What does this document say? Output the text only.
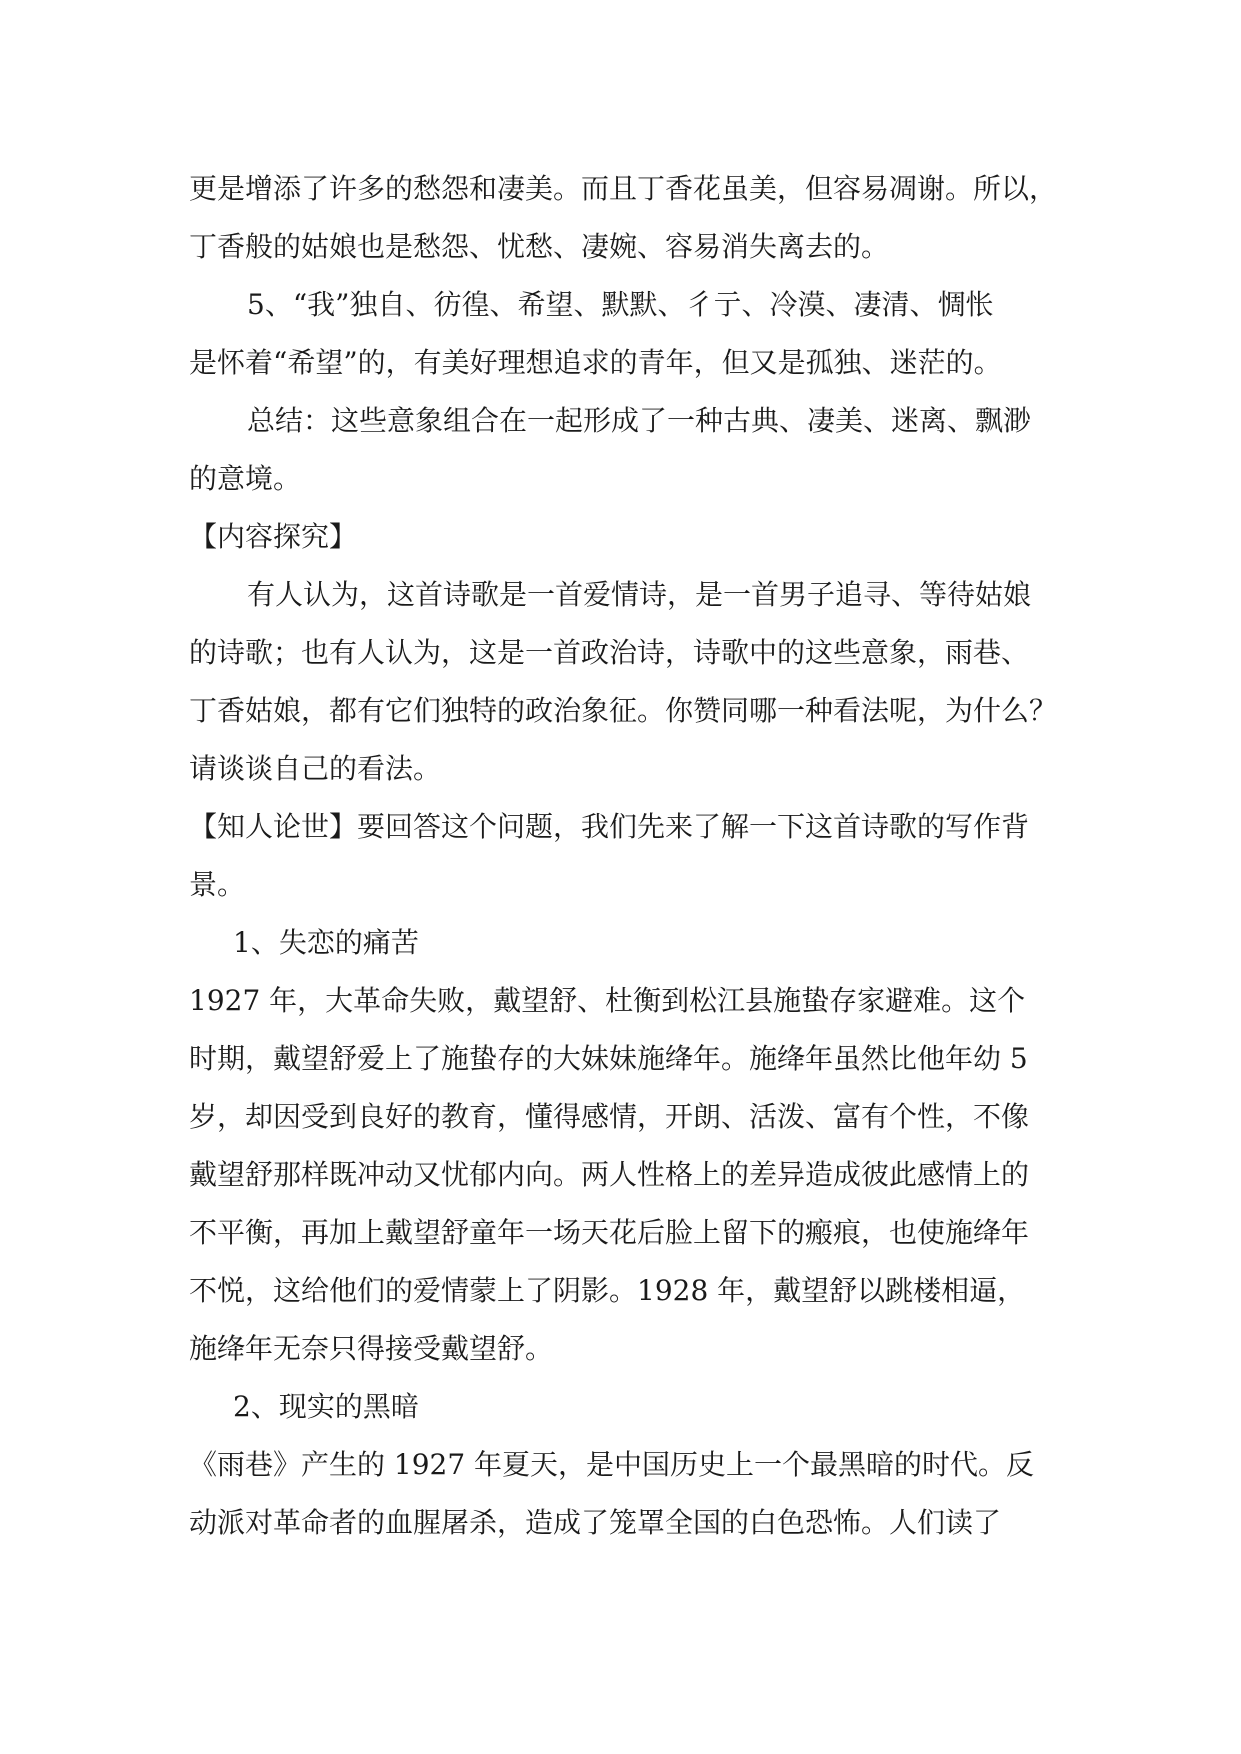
更是增添了许多的愁怨和凄美。而且丁香花虽美，但容易凋谢。所以，
丁香般的姑娘也是愁怨、忧愁、凄婉、容易消失离去的。
5、“我”独自、彷徨、希望、默默、彳亍、冷漠、凄清、惆怅
是怀着“希望”的，有美好理想追求的青年，但又是孤独、迷茫的。
总结：这些意象组合在一起形成了一种古典、凄美、迷离、飘渺
的意境。
【内容探究】
有人认为，这首诗歌是一首爱情诗，是一首男子追寻、等待姑娘
的诗歌；也有人认为，这是一首政治诗，诗歌中的这些意象，雨巷、
丁香姑娘，都有它们独特的政治象征。你赞同哪一种看法呢，为什么？
请谈谈自己的看法。
【知人论世】要回答这个问题，我们先来了解一下这首诗歌的写作背
景。
1、失恋的痛苦
1927 年，大革命失败，戴望舒、杜衡到松江县施蛰存家避难。这个
时期，戴望舒爱上了施蛰存的大妹妹施绛年。施绛年虽然比他年幼 5
岁，却因受到良好的教育，懂得感情，开朗、活泼、富有个性，不像
戴望舒那样既冲动又忧郁内向。两人性格上的差异造成彼此感情上的
不平衡，再加上戴望舒童年一场天花后脸上留下的瘢痕，也使施绛年
不悦，这给他们的爱情蒙上了阴影。1928 年，戴望舒以跳楼相逼，
施绛年无奈只得接受戴望舒。
2、现实的黑暗
《雨巷》产生的 1927 年夏天，是中国历史上一个最黑暗的时代。反
动派对革命者的血腥屠杀，造成了笼罩全国的白色恐怖。人们读了
